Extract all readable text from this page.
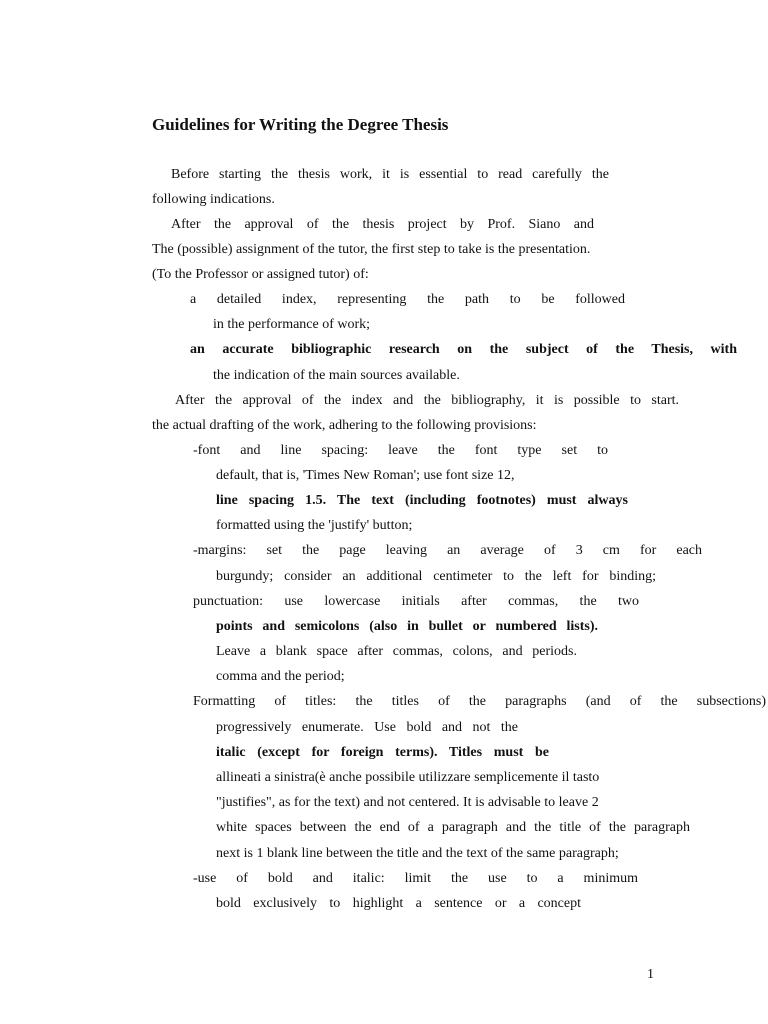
Guidelines for Writing the Degree Thesis
Before starting the thesis work, it is essential to read carefully the
following indications.
After the approval of the thesis project by Prof. Siano and
The (possible) assignment of the tutor, the first step to take is the presentation.
(To the Professor or assigned tutor) of:
a detailed index, representing the path to be followed
in the performance of work;
an accurate bibliographic research on the subject of the Thesis, with
the indication of the main sources available.
After the approval of the index and the bibliography, it is possible to start.
the actual drafting of the work, adhering to the following provisions:
-font and line spacing: leave the font type set to
default, that is, 'Times New Roman'; use font size 12,
line spacing 1.5. The text (including footnotes) must always
formatted using the 'justify' button;
-margins: set the page leaving an average of 3 cm for each
burgundy; consider an additional centimeter to the left for binding;
punctuation: use lowercase initials after commas, the two
points and semicolons (also in bullet or numbered lists).
Leave a blank space after commas, colons, and periods.
comma and the period;
Formatting of titles: the titles of the paragraphs (and of the subsections)
progressively enumerate. Use bold and not the
italic (except for foreign terms). Titles must be
allineati a sinistra(è anche possibile utilizzare semplicemente il tasto
"justifies", as for the text) and not centered. It is advisable to leave 2
white spaces between the end of a paragraph and the title of the paragraph
next is 1 blank line between the title and the text of the same paragraph;
-use of bold and italic: limit the use to a minimum
bold exclusively to highlight a sentence or a concept
1
